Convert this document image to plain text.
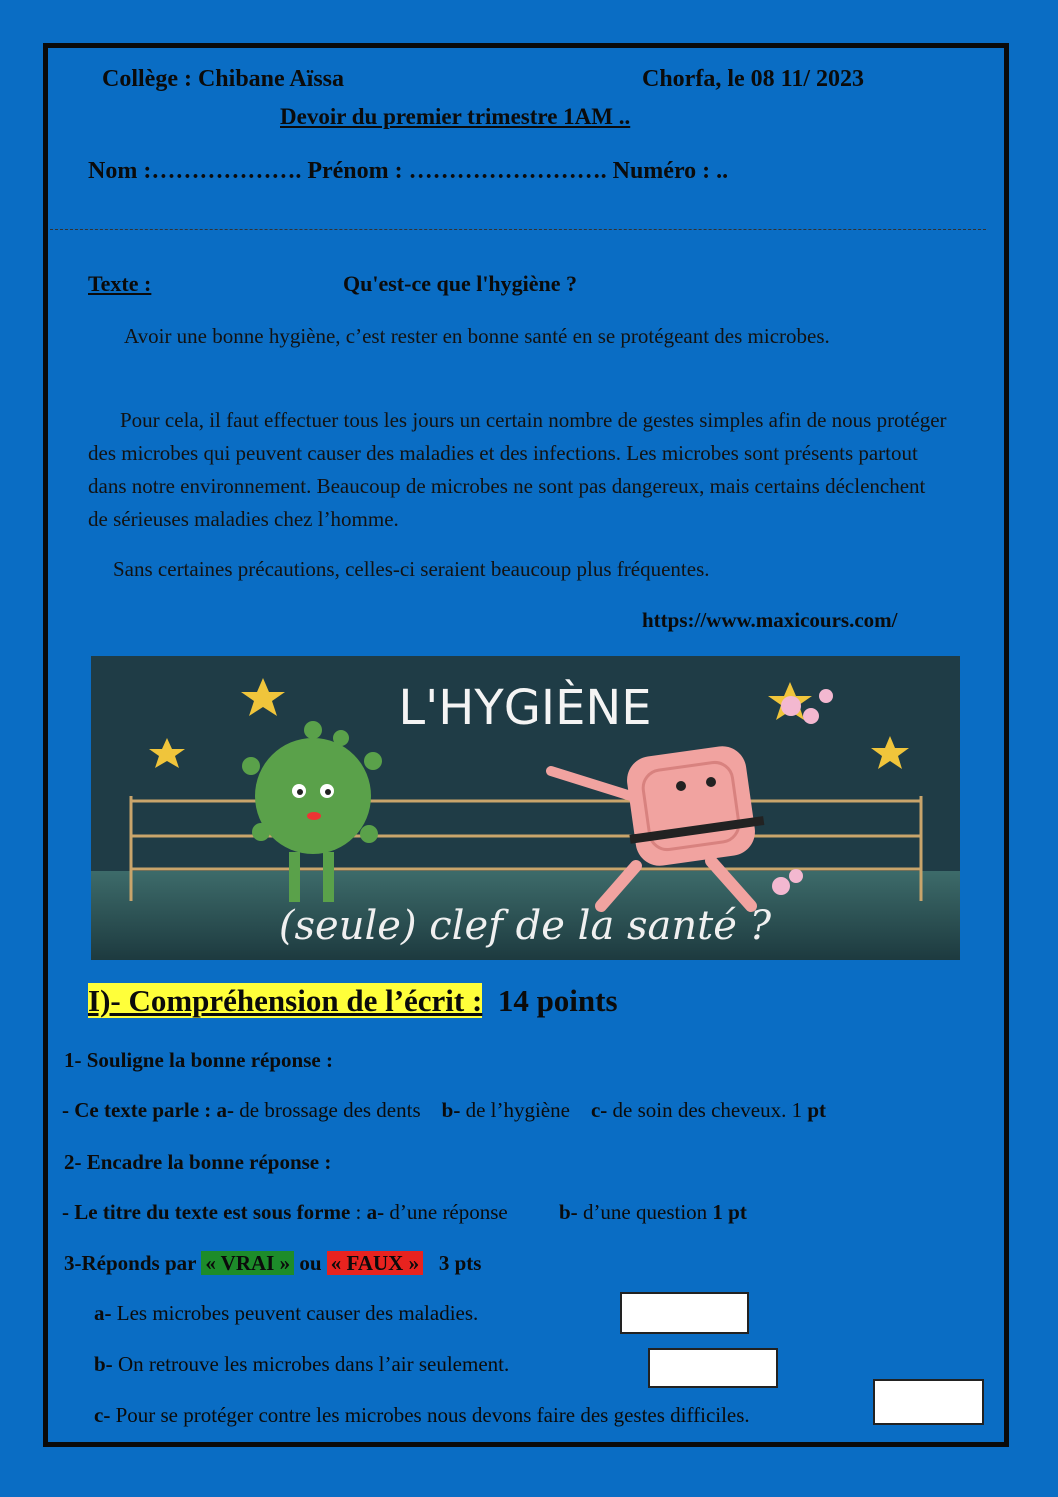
Collège : Chibane Aïssa	Chorfa, le 08 11/ 2023
Devoir du premier trimestre 1AM ..
Nom :………………. Prénom : ……………………. Numéro : ..
Texte :	Qu'est-ce que l'hygiène ?
Avoir une bonne hygiène, c’est rester en bonne santé en se protégeant des microbes.
Pour cela, il faut effectuer tous les jours un certain nombre de gestes simples afin de nous protéger des microbes qui peuvent causer des maladies et des infections. Les microbes sont présents partout dans notre environnement. Beaucoup de microbes ne sont pas dangereux, mais certains déclenchent de sérieuses maladies chez l’homme.
Sans certaines précautions, celles-ci seraient beaucoup plus fréquentes.
https://www.maxicours.com/
L'HYGIÈNE
(seule) clef de la santé ?
I)- Compréhension de l’écrit : 14 points
1- Souligne la bonne réponse :
- Ce texte parle : a- de brossage des dents b- de l’hygiène c- de soin des cheveux. 1 pt
2- Encadre la bonne réponse :
- Le titre du texte est sous forme : a- d’une réponse b- d’une question 1 pt
3-Réponds par « VRAI » ou « FAUX » 3 pts
a- Les microbes peuvent causer des maladies.
b- On retrouve les microbes dans l’air seulement.
c- Pour se protéger contre les microbes nous devons faire des gestes difficiles.
